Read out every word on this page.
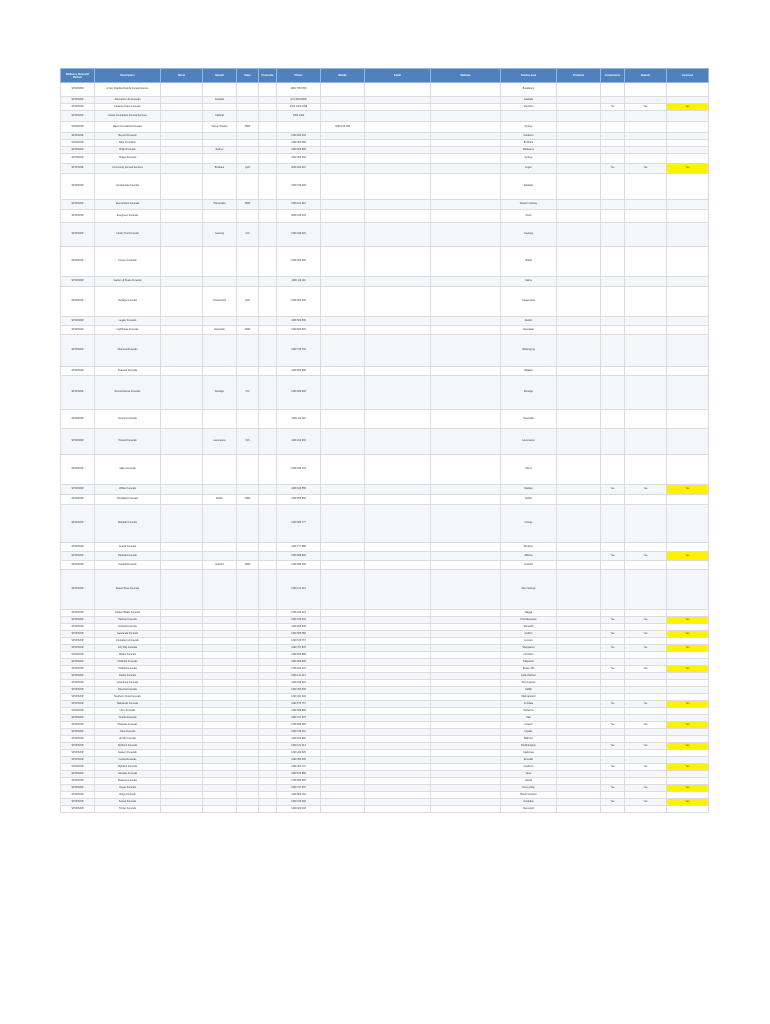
Wellness Financial Partner	Description	Street	Suburb	State	Postcode	Phone	Mobile	Email	Website	Service area	Products	Commission	Branch	Licensed
SPONSOR	A Very Dignified Family Funeral Service					1300 738 6703				Bundaberg				
SPONSOR	Alternative Life Funerals		Adelaide			(07) 3633 8809				Adelaide				
SPONSOR	Amazing Grace Funerals					1300 1300 1308				Sunshine		Yes	Yes	Yes
SPONSOR	Aussie Cremations Funeral Services		Fairfield			1300 1300								
SPONSOR	Basic Cremations Funerals		Carrum Downs	NSW			1800 123 456			Sydney				
SPONSOR	Beyond Funerals					1300 003 333				Canberra				
SPONSOR	Bare Cremation					1300 050 350				Brisbane				
SPONSOR	Bright Funerals		Sydney			1300 000 800				Melbourne				
SPONSOR	Chapel Funerals					1300 350 300				Sydney				
SPONSOR	Community Funeral Services		Brisbane	QLD		1800 000 001				Logan		Yes	Yes	Yes
SPONSOR	Considerate Funerals					1300 730 000				Adelaide				
SPONSOR	Eternal Rest Funerals		Parramatta	NSW		1300 101 010				Western Sydney				
SPONSOR	Evergreen Funerals					1800 333 333				Perth				
SPONSOR	Family First Funerals		Geelong	VIC		1300 020 020				Geelong				
SPONSOR	Forever Funerals					1300 300 300				Hobart				
SPONSOR	Garden of Peace Funerals					1300 110 110				Cairns				
SPONSOR	Heritage Funerals		Toowoomba	QLD		1300 400 400				Toowoomba				
SPONSOR	Legacy Funerals					1300 500 500				Darwin				
SPONSOR	Lighthouse Funerals		Newcastle	NSW		1300 600 600				Newcastle				
SPONSOR	Memorial Funerals					1300 700 700				Wollongong				
SPONSOR	Peaceful Funerals					1300 800 800				Ballarat				
SPONSOR	Remembrance Funerals		Bendigo	VIC		1300 900 900				Bendigo				
SPONSOR	Serenity Funerals					1300 111 222				Townsville				
SPONSOR	Tranquil Funerals		Launceston	TAS		1300 222 333				Launceston				
SPONSOR	Valley Funerals					1300 333 444				Albury				
SPONSOR	Willow Funerals					1300 444 555				Mackay		Yes	Yes	Yes
SPONSOR	Woodland Funerals		Dubbo	NSW		1300 555 666				Dubbo				
SPONSOR	Waratah Funerals					1300 666 777				Orange				
SPONSOR	Acacia Funerals					1300 777 888				Bunbury				
SPONSOR	Banksia Funerals					1300 888 999				Mildura		Yes	Yes	Yes
SPONSOR	Coastal Funerals		Gosford	NSW		1300 999 000				Gosford				
SPONSOR	Desert Rose Funerals					1300 121 212				Alice Springs				
SPONSOR	Golden Wattle Funerals					1300 232 323				Wagga				
SPONSOR	Harbour Funerals					1300 343 434				Port Macquarie		Yes	Yes	Yes
SPONSOR	Ironbark Funerals					1300 454 545				Tamworth				
SPONSOR	Jacaranda Funerals					1300 565 656				Grafton		Yes	Yes	Yes
SPONSOR	Kookaburra Funerals					1300 676 767				Lismore				
SPONSOR	Lilly Pilly Funerals					1300 787 878				Shepparton		Yes	Yes	Yes
SPONSOR	Mallee Funerals					1300 898 989				Horsham				
SPONSOR	Nullarbor Funerals					1300 909 090				Kalgoorlie				
SPONSOR	Outback Funerals					1300 010 101				Broken Hill		Yes	Yes	Yes
SPONSOR	Pacific Funerals					1300 131 313				Coffs Harbour				
SPONSOR	Quandong Funerals					1300 242 424				Port Augusta				
SPONSOR	Riverina Funerals					1300 353 535				Griffith				
SPONSOR	Southern Cross Funerals					1300 464 646				Warrnambool				
SPONSOR	Tablelands Funerals					1300 575 757				Armidale		Yes	Yes	Yes
SPONSOR	Uluru Funerals					1300 686 868				Katherine				
SPONSOR	Victoria Funerals					1300 797 979				Sale				
SPONSOR	Westside Funerals					1300 808 080				Ipswich		Yes	Yes	Yes
SPONSOR	Yarra Funerals					1300 919 191				Lilydale				
SPONSOR	Zenith Funerals					1300 020 202				Bathurst				
SPONSOR	Northern Funerals					1300 131 414				Rockhampton		Yes	Yes	Yes
SPONSOR	Eastern Funerals					1300 242 525				Gladstone				
SPONSOR	Central Funerals					1300 353 636				Emerald				
SPONSOR	Highland Funerals					1300 464 747				Goulburn		Yes	Yes	Yes
SPONSOR	Lakeside Funerals					1300 575 858				Taree				
SPONSOR	Meadow Funerals					1300 686 969				Nowra				
SPONSOR	Ocean Funerals					1300 797 070				Hervey Bay		Yes	Yes	Yes
SPONSOR	Ridge Funerals					1300 808 181				Mount Gambier				
SPONSOR	Sunset Funerals					1300 919 292				Geraldton		Yes	Yes	Yes
SPONSOR	Timber Funerals					1300 020 303				Devonport				
